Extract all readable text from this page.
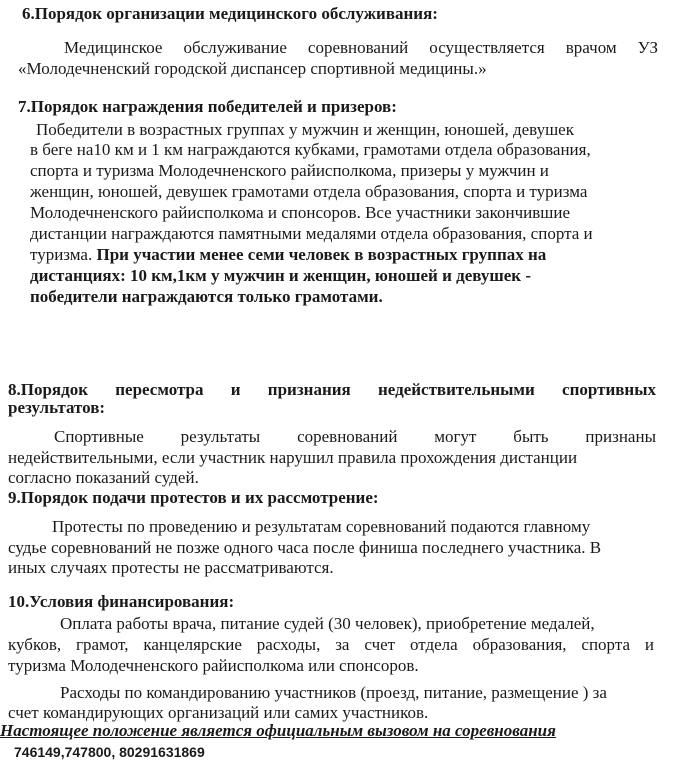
6.Порядок организации медицинского обслуживания:
Медицинское обслуживание соревнований осуществляется врачом УЗ
«Молодечненский городской диспансер спортивной медицины.»
7.Порядок награждения победителей и призеров:
Победители в возрастных группах у мужчин и женщин, юношей, девушек
в беге на10 км и 1 км награждаются кубками, грамотами отдела образования,
спорта и туризма Молодечненского райисполкома, призеры у мужчин и
женщин, юношей, девушек грамотами отдела образования, спорта и туризма
Молодечненского райисполкома и спонсоров. Все участники закончившие
дистанции награждаются памятными медалями отдела образования, спорта и
туризма. При участии менее семи человек в возрастных группах на
дистанциях: 10 км,1км у мужчин и женщин, юношей и девушек -
победители награждаются только грамотами.
8.Порядок пересмотра и признания недействительными спортивных
результатов:
Спортивные результаты соревнований могут быть признаны
недействительными, если участник нарушил правила прохождения дистанции
согласно показаний судей.
9.Порядок подачи протестов и их рассмотрение:
Протесты по проведению и результатам соревнований подаются главному
судье соревнований не позже одного часа после финиша последнего участника. В
иных случаях протесты не рассматриваются.
10.Условия финансирования:
Оплата работы врача, питание судей (30 человек), приобретение медалей,
кубков, грамот, канцелярские расходы, за счет отдела образования, спорта и
туризма Молодечненского райисполкома или спонсоров.
Расходы по командированию участников (проезд, питание, размещение ) за
счет командирующих организаций или самих участников.
Настоящее положение является официальным вызовом на соревнования
746149,747800, 80291631869
